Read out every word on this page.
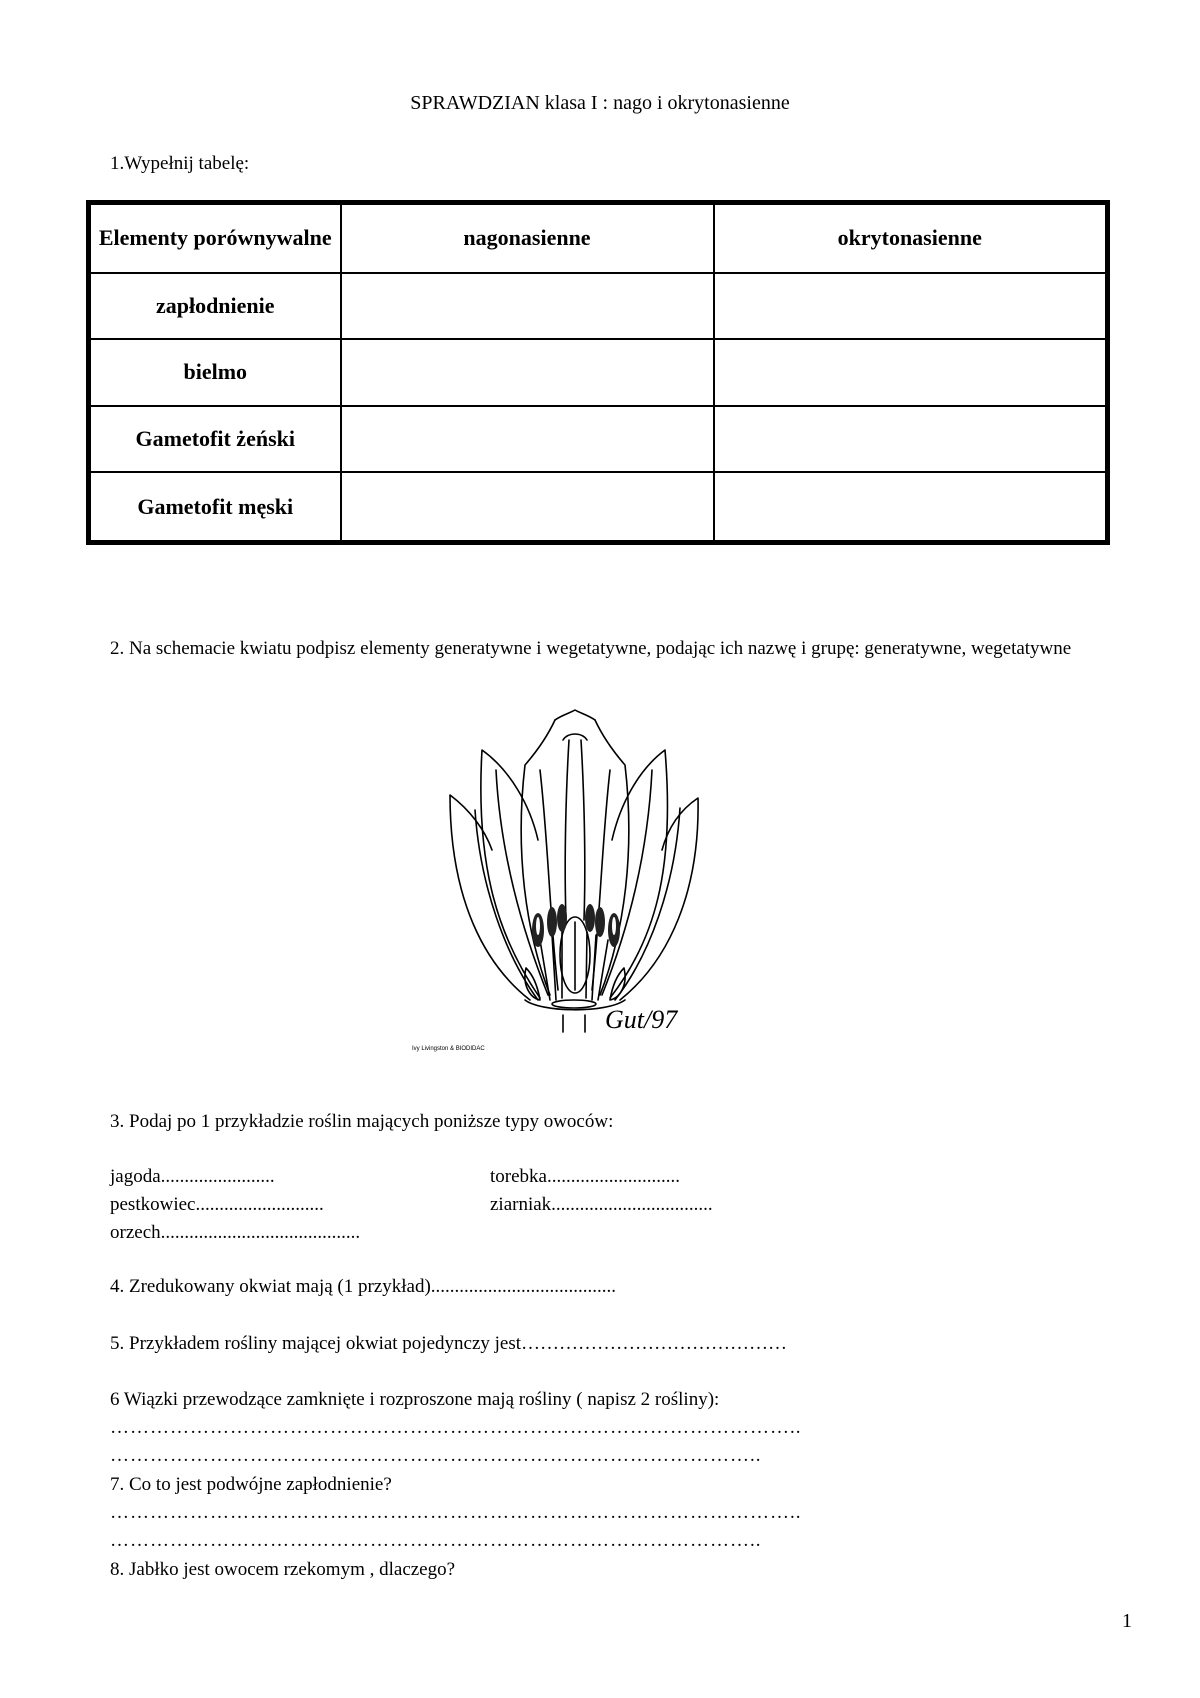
SPRAWDZIAN klasa I : nago i okrytonasienne
1.Wypełnij tabelę:
Elementy porównywalne	nagonasienne	okrytonasienne
zapłodnienie		
bielmo		
Gametofit żeński		
Gametofit męski		
2. Na schemacie kwiatu podpisz elementy generatywne i wegetatywne, podając ich nazwę i grupę: generatywne, wegetatywne
Gut/97
Ivy Livingston & BIODIDAC
3. Podaj po 1 przykładzie roślin mających poniższe typy owoców:
jagoda........................	torebka............................
pestkowiec...........................	ziarniak..................................
orzech..........................................
4. Zredukowany okwiat mają (1 przykład).......................................
5. Przykładem rośliny mającej okwiat pojedynczy jest……………………………………
6 Wiązki przewodzące zamknięte i rozproszone mają rośliny ( napisz 2 rośliny):
…………………………………………………………………………………………..
……………………………………………………………………………………..
7. Co to jest podwójne zapłodnienie?
…………………………………………………………………………………………..
……………………………………………………………………………………..
8. Jabłko jest owocem rzekomym , dlaczego?
1
